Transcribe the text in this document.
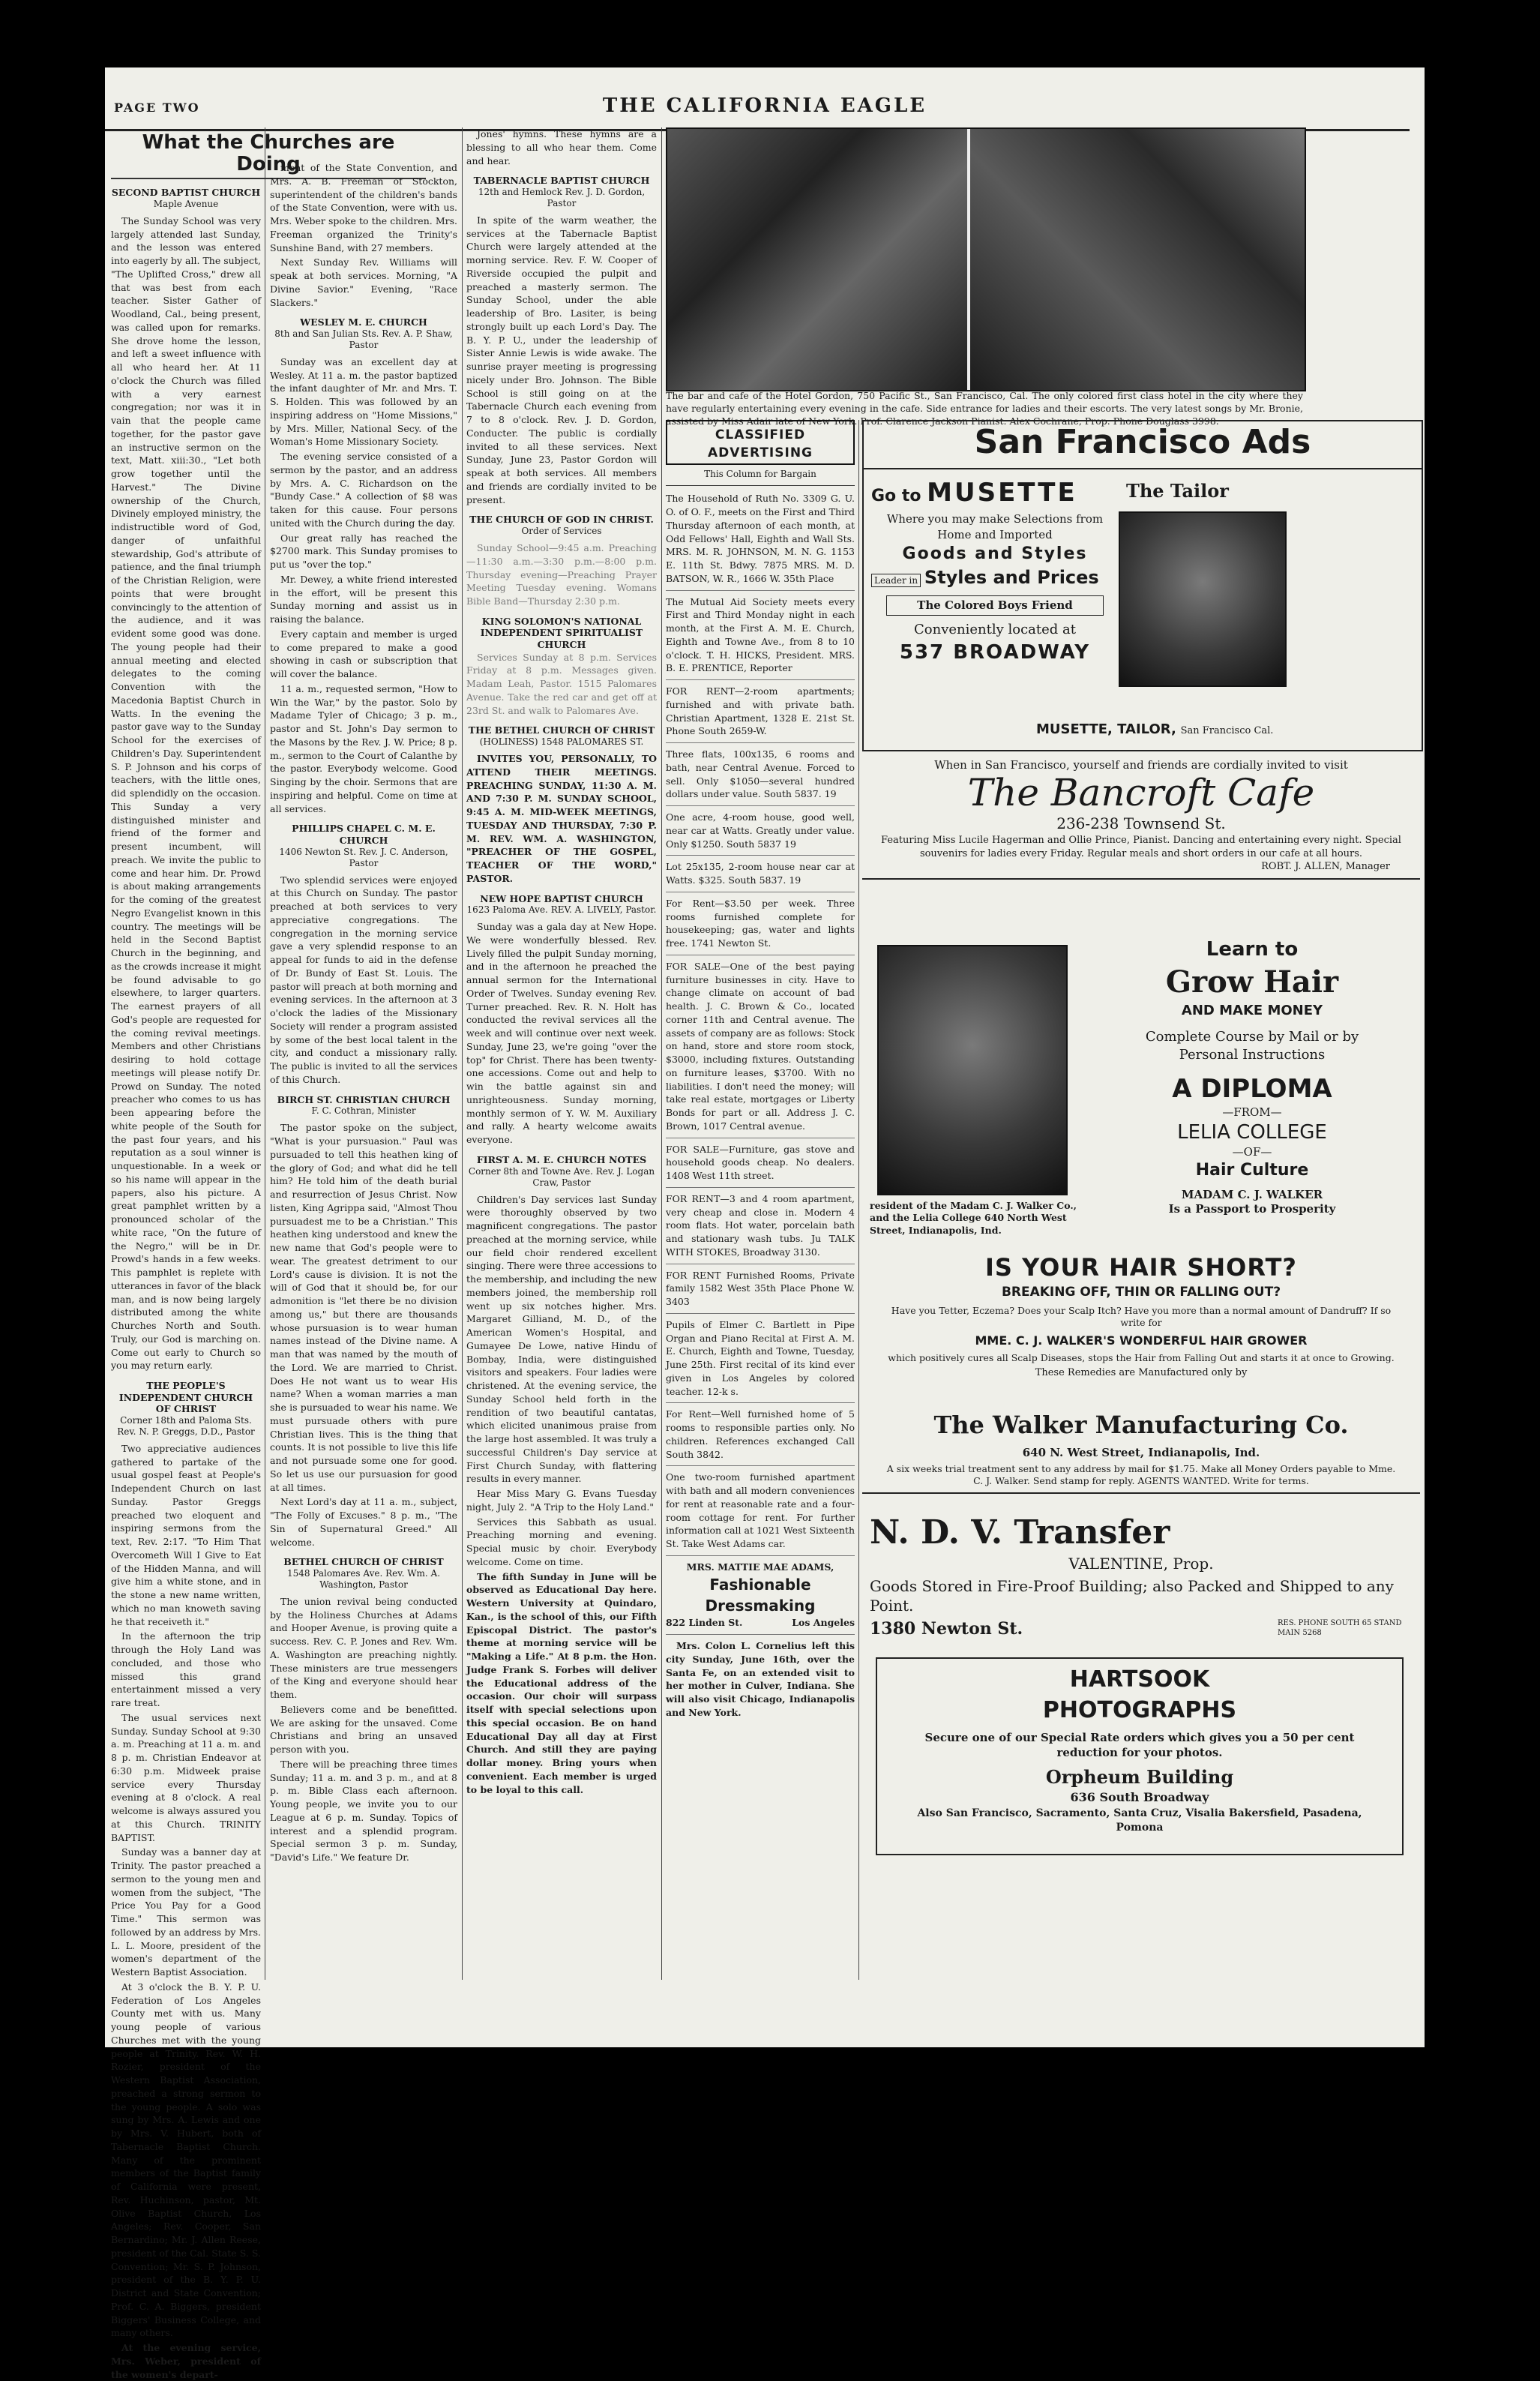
PAGE TWO	THE CALIFORNIA EAGLE
What the Churches are Doing
SECOND BAPTIST CHURCH
Maple Avenue

The Sunday School was very largely attended last Sunday, and the lesson was entered into eagerly by all. The subject, "The Uplifted Cross," drew all that was best from each teacher. Sister Gather of Woodland, Cal., being present, was called upon for remarks. She drove home the lesson, and left a sweet influence with all who heard her. At 11 o'clock the Church was filled with a very earnest congregation; nor was it in vain that the people came together, for the pastor gave an instructive sermon on the text, Matt. xiii:30., "Let both grow together until the Harvest." The Divine ownership of the Church, Divinely employed ministry, the indistructible word of God, danger of unfaithful stewardship, God's attribute of patience, and the final triumph of the Christian Religion, were points that were brought convincingly to the attention of the audience, and it was evident some good was done. The young people had their annual meeting and elected delegates to the coming Convention with the Macedonia Baptist Church in Watts. In the evening the pastor gave way to the Sunday School for the exercises of Children's Day. Superintendent S. P. Johnson and his corps of teachers, with the little ones, did splendidly on the occasion. This Sunday a very distinguished minister and friend of the former and present incumbent, will preach. We invite the public to come and hear him. Dr. Prowd is about making arrangements for the coming of the greatest Negro Evangelist known in this country. The meetings will be held in the Second Baptist Church in the beginning, and as the crowds increase it might be found advisable to go elsewhere, to larger quarters. The earnest prayers of all God's people are requested for the coming revival meetings. Members and other Christians desiring to hold cottage meetings will please notify Dr. Prowd on Sunday. The noted preacher who comes to us has been appearing before the white people of the South for the past four years, and his reputation as a soul winner is unquestionable. In a week or so his name will appear in the papers, also his picture. A great pamphlet written by a pronounced scholar of the white race, "On the future of the Negro," will be in Dr. Prowd's hands in a few weeks. This pamphlet is replete with utterances in favor of the black man, and is now being largely distributed among the white Churches North and South. Truly, our God is marching on. Come out early to Church so you may return early.

THE PEOPLE'S INDEPENDENT CHURCH OF CHRIST
Corner 18th and Paloma Sts. Rev. N. P. Greggs, D.D., Pastor

Two appreciative audiences gathered to partake of the usual gospel feast at People's Independent Church on last Sunday. Pastor Greggs preached two eloquent and inspiring sermons from the text, Rev. 2:17. "To Him That Overcometh Will I Give to Eat of the Hidden Manna, and will give him a white stone, and in the stone a new name written, which no man knoweth saving he that receiveth it."

In the afternoon the trip through the Holy Land was concluded, and those who missed this grand entertainment missed a very rare treat.

The usual services next Sunday. Sunday School at 9:30 a. m. Preaching at 11 a. m. and 8 p. m. Christian Endeavor at 6:30 p.m. Midweek praise service every Thursday evening at 8 o'clock. A real welcome is always assured you at this Church. TRINITY BAPTIST.

Sunday was a banner day at Trinity. The pastor preached a sermon to the young men and women from the subject, "The Price You Pay for a Good Time." This sermon was followed by an address by Mrs. L. L. Moore, president of the women's department of the Western Baptist Association.

At 3 o'clock the B. Y. P. U. Federation of Los Angeles County met with us. Many young people of various Churches met with the young people at Trinity. Rev. W. H. Rozier, president of the Western Baptist Association, preached a strong sermon to the young people. A solo was sung by Mrs. A. Lewis and one by Mrs. V. Hubert, both of Tabernacle Baptist Church. Many of the prominent members of the Baptist family of California were present, Rev. Huchinson, pastor, Mt. Olive Baptist Church, Los Angeles; Rev. Cooper, San Bernardino; Mr. J. Allen Reese, president of the Cal. State S. S. Convention; Mr. S. P. Johnson, president of the B. Y. P. U. District and State Convention; Prof. C. A. Biggers, president Biggers' Business College, and many others.

At the evening service, Mrs. Weber, president of the women's depart-

ment of the State Convention, and Mrs. A. B. Freeman of Stockton, superintendent of the children's bands of the State Convention, were with us. Mrs. Weber spoke to the children. Mrs. Freeman organized the Trinity's Sunshine Band, with 27 members.

Next Sunday Rev. Williams will speak at both services. Morning, "A Divine Savior." Evening, "Race Slackers."

WESLEY M. E. CHURCH
8th and San Julian Sts. Rev. A. P. Shaw, Pastor

Sunday was an excellent day at Wesley. At 11 a. m. the pastor baptized the infant daughter of Mr. and Mrs. T. S. Holden. This was followed by an inspiring address on "Home Missions," by Mrs. Miller, National Secy. of the Woman's Home Missionary Society.

The evening service consisted of a sermon by the pastor, and an address by Mrs. A. C. Richardson on the "Bundy Case." A collection of $8 was taken for this cause. Four persons united with the Church during the day.

Our great rally has reached the $2700 mark. This Sunday promises to put us "over the top."

Mr. Dewey, a white friend interested in the effort, will be present this Sunday morning and assist us in raising the balance.

Every captain and member is urged to come prepared to make a good showing in cash or subscription that will cover the balance.

11 a. m., requested sermon, "How to Win the War," by the pastor. Solo by Madame Tyler of Chicago; 3 p. m., pastor and St. John's Day sermon to the Masons by the Rev. J. W. Price; 8 p. m., sermon to the Court of Calanthe by the pastor. Everybody welcome. Good Singing by the choir. Sermons that are inspiring and helpful. Come on time at all services.

PHILLIPS CHAPEL C. M. E. CHURCH
1406 Newton St. Rev. J. C. Anderson, Pastor

Two splendid services were enjoyed at this Church on Sunday. The pastor preached at both services to very appreciative congregations. The congregation in the morning service gave a very splendid response to an appeal for funds to aid in the defense of Dr. Bundy of East St. Louis. The pastor will preach at both morning and evening services. In the afternoon at 3 o'clock the ladies of the Missionary Society will render a program assisted by some of the best local talent in the city, and conduct a missionary rally. The public is invited to all the services of this Church.

BIRCH ST. CHRISTIAN CHURCH
F. C. Cothran, Minister

The pastor spoke on the subject, "What is your pursuasion." Paul was pursuaded to tell this heathen king of the glory of God; and what did he tell him? He told him of the death burial and resurrection of Jesus Christ. Now listen, King Agrippa said, "Almost Thou pursuadest me to be a Christian." This heathen king understood and knew the new name that God's people were to wear. The greatest detriment to our Lord's cause is division. It is not the will of God that it should be, for our admonition is "let there be no division among us," but there are thousands whose pursuasion is to wear human names instead of the Divine name. A man that was named by the mouth of the Lord. We are married to Christ. Does He not want us to wear His name? When a woman marries a man she is pursuaded to wear his name. We must pursuade others with pure Christian lives. This is the thing that counts. It is not possible to live this life and not pursuade some one for good. So let us use our pursuasion for good at all times.

Next Lord's day at 11 a. m., subject, "The Folly of Excuses." 8 p. m., "The Sin of Supernatural Greed." All welcome.

BETHEL CHURCH OF CHRIST
1548 Palomares Ave. Rev. Wm. A. Washington, Pastor

The union revival being conducted by the Holiness Churches at Adams and Hooper Avenue, is proving quite a success. Rev. C. P. Jones and Rev. Wm. A. Washington are preaching nightly. These ministers are true messengers of the King and everyone should hear them.

Believers come and be benefitted. We are asking for the unsaved. Come Christians and bring an unsaved person with you.

There will be preaching three times Sunday; 11 a. m. and 3 p. m., and at 8 p. m. Bible Class each afternoon. Young people, we invite you to our League at 6 p. m. Sunday. Topics of interest and a splendid program. Special sermon 3 p. m. Sunday, "David's Life." We feature Dr.

Jones' hymns. These hymns are a blessing to all who hear them. Come and hear.

TABERNACLE BAPTIST CHURCH
12th and Hemlock Rev. J. D. Gordon, Pastor

In spite of the warm weather, the services at the Tabernacle Baptist Church were largely attended at the morning service. Rev. F. W. Cooper of Riverside occupied the pulpit and preached a masterly sermon. The Sunday School, under the able leadership of Bro. Lasiter, is being strongly built up each Lord's Day. The B. Y. P. U., under the leadership of Sister Annie Lewis is wide awake. The sunrise prayer meeting is progressing nicely under Bro. Johnson. The Bible School is still going on at the Tabernacle Church each evening from 7 to 8 o'clock. Rev. J. D. Gordon, Conducter. The public is cordially invited to all these services. Next Sunday, June 23, Pastor Gordon will speak at both services. All members and friends are cordially invited to be present.

THE CHURCH OF GOD IN CHRIST.
Order of Services

Sunday School—9:45 a.m. Preaching—11:30 a.m.—3:30 p.m.—8:00 p.m. Thursday evening—Preaching Prayer Meeting Tuesday evening. Womans Bible Band—Thursday 2:30 p.m.

KING SOLOMON'S NATIONAL INDEPENDENT SPIRITUALIST CHURCH

Services Sunday at 8 p.m. Services Friday at 8 p.m. Messages given. Madam Leah, Pastor. 1515 Palomares Avenue. Take the red car and get off at 23rd St. and walk to Palomares Ave.

THE BETHEL CHURCH OF CHRIST
(HOLINESS) 1548 PALOMARES ST.

INVITES YOU, PERSONALLY, TO ATTEND THEIR MEETINGS. PREACHING SUNDAY, 11:30 A. M. AND 7:30 P. M. SUNDAY SCHOOL, 9:45 A. M. MID-WEEK MEETINGS, TUESDAY AND THURSDAY, 7:30 P. M. REV. WM. A. WASHINGTON, "PREACHER OF THE GOSPEL, TEACHER OF THE WORD," PASTOR.

NEW HOPE BAPTIST CHURCH
1623 Paloma Ave. REV. A. LIVELY, Pastor.

Sunday was a gala day at New Hope. We were wonderfully blessed. Rev. Lively filled the pulpit Sunday morning, and in the afternoon he preached the annual sermon for the International Order of Twelves. Sunday evening Rev. Turner preached. Rev. R. N. Holt has conducted the revival services all the week and will continue over next week. Sunday, June 23, we're going "over the top" for Christ. There has been twenty-one accessions. Come out and help to win the battle against sin and unrighteousness. Sunday morning, monthly sermon of Y. W. M. Auxiliary and rally. A hearty welcome awaits everyone.

FIRST A. M. E. CHURCH NOTES
Corner 8th and Towne Ave. Rev. J. Logan Craw, Pastor

Children's Day services last Sunday were thoroughly observed by two magnificent congregations. The pastor preached at the morning service, while our field choir rendered excellent singing. There were three accessions to the membership, and including the new members joined, the membership roll went up six notches higher. Mrs. Margaret Gilliand, M. D., of the American Women's Hospital, and Gumayee De Lowe, native Hindu of Bombay, India, were distinguished visitors and speakers. Four ladies were christened. At the evening service, the Sunday School held forth in the rendition of two beautiful cantatas, which elicited unanimous praise from the large host assembled. It was truly a successful Children's Day service at First Church Sunday, with flattering results in every manner.

Hear Miss Mary G. Evans Tuesday night, July 2. "A Trip to the Holy Land."

Services this Sabbath as usual. Preaching morning and evening. Special music by choir. Everybody welcome. Come on time.

The fifth Sunday in June will be observed as Educational Day here. Western University at Quindaro, Kan., is the school of this, our Fifth Episcopal District. The pastor's theme at morning service will be "Making a Life." At 8 p.m. the Hon. Judge Frank S. Forbes will deliver the Educational address of the occasion. Our choir will surpass itself with special selections upon this special occasion. Be on hand Educational Day all day at First Church. And still they are paying dollar money. Bring yours when convenient. Each member is urged to be loyal to this call.

The bar and cafe of the Hotel Gordon, 750 Pacific St., San Francisco, Cal. The only colored first class hotel in the city where they have regularly entertaining every evening in the cafe. Side entrance for ladies and their escorts. The very latest songs by Mr. Bronie, assisted by Miss Adair late of New York. Prof. Clarence Jackson Pianist. Alex Cochrane, Prop. Phone Douglass 3998.
CLASSIFIED ADVERTISING
This Column for Bargain
The Household of Ruth No. 3309 G. U. O. of O. F., meets on the First and Third Thursday afternoon of each month, at Odd Fellows' Hall, Eighth and Wall Sts. MRS. M. R. JOHNSON, M. N. G. 1153 E. 11th St. Bdwy. 7875 MRS. M. D. BATSON, W. R., 1666 W. 35th Place
The Mutual Aid Society meets every First and Third Monday night in each month, at the First A. M. E. Church, Eighth and Towne Ave., from 8 to 10 o'clock. T. H. HICKS, President. MRS. B. E. PRENTICE, Reporter
FOR RENT—2-room apartments; furnished and with private bath. Christian Apartment, 1328 E. 21st St. Phone South 2659-W.
Three flats, 100x135, 6 rooms and bath, near Central Avenue. Forced to sell. Only $1050—several hundred dollars under value. South 5837. 19
One acre, 4-room house, good well, near car at Watts. Greatly under value. Only $1250. South 5837 19
Lot 25x135, 2-room house near car at Watts. $325. South 5837. 19
For Rent—$3.50 per week. Three rooms furnished complete for housekeeping; gas, water and lights free. 1741 Newton St.
FOR SALE—One of the best paying furniture businesses in city. Have to change climate on account of bad health. J. C. Brown & Co., located corner 11th and Central avenue. The assets of company are as follows: Stock on hand, store and store room stock, $3000, including fixtures. Outstanding on furniture leases, $3700. With no liabilities. I don't need the money; will take real estate, mortgages or Liberty Bonds for part or all. Address J. C. Brown, 1017 Central avenue.
FOR SALE—Furniture, gas stove and household goods cheap. No dealers. 1408 West 11th street.
FOR RENT—3 and 4 room apartment, very cheap and close in. Modern 4 room flats. Hot water, porcelain bath and stationary wash tubs. Ju TALK WITH STOKES, Broadway 3130.
FOR RENT Furnished Rooms, Private family 1582 West 35th Place Phone W. 3403
Pupils of Elmer C. Bartlett in Pipe Organ and Piano Recital at First A. M. E. Church, Eighth and Towne, Tuesday, June 25th. First recital of its kind ever given in Los Angeles by colored teacher. 12-k s.
For Rent—Well furnished home of 5 rooms to responsible parties only. No children. References exchanged Call South 3842.
One two-room furnished apartment with bath and all modern conveniences for rent at reasonable rate and a four-room cottage for rent. For further information call at 1021 West Sixteenth St. Take West Adams car.
MRS. MATTIE MAE ADAMS,
Fashionable
Dressmaking
822 Linden St.	Los Angeles

Mrs. Colon L. Cornelius left this city Sunday, June 16th, over the Santa Fe, on an extended visit to her mother in Culver, Indiana. She will also visit Chicago, Indianapolis and New York.

San Francisco Ads
Go to MUSETTE
Where you may make Selections from Home and Imported
Goods and Styles
Leader in Styles and Prices
The Colored Boys Friend
Conveniently located at
537 BROADWAY
The Tailor
MUSETTE, TAILOR, San Francisco Cal.
When in San Francisco, yourself and friends are cordially invited to visit
The Bancroft Cafe
236-238 Townsend St.
Featuring Miss Lucile Hagerman and Ollie Prince, Pianist. Dancing and entertaining every night. Special souvenirs for ladies every Friday. Regular meals and short orders in our cafe at all hours.
ROBT. J. ALLEN, Manager
Learn to
Grow Hair
AND MAKE MONEY
Complete Course by Mail or by Personal Instructions
A DIPLOMA
—FROM—
LELIA COLLEGE
—OF—
Hair Culture
MADAM C. J. WALKER
Is a Passport to Prosperity
resident of the Madam C. J. Walker Co., and the Lelia College 640 North West Street, Indianapolis, Ind.
IS YOUR HAIR SHORT?
BREAKING OFF, THIN OR FALLING OUT?
Have you Tetter, Eczema? Does your Scalp Itch? Have you more than a normal amount of Dandruff? If so write for
MME. C. J. WALKER'S WONDERFUL HAIR GROWER
which positively cures all Scalp Diseases, stops the Hair from Falling Out and starts it at once to Growing.
These Remedies are Manufactured only by
The Walker Manufacturing Co.
640 N. West Street, Indianapolis, Ind.
A six weeks trial treatment sent to any address by mail for $1.75. Make all Money Orders payable to Mme. C. J. Walker. Send stamp for reply. AGENTS WANTED. Write for terms.
N. D. V. Transfer
VALENTINE, Prop.
Goods Stored in Fire-Proof Building; also Packed and Shipped to any Point.
1380 Newton St.	RES. PHONE SOUTH 65 STAND MAIN 5268
HARTSOOK
PHOTOGRAPHS
Secure one of our Special Rate orders which gives you a 50 per cent reduction for your photos.
Orpheum Building
636 South Broadway
Also San Francisco, Sacramento, Santa Cruz, Visalia Bakersfield, Pasadena, Pomona
